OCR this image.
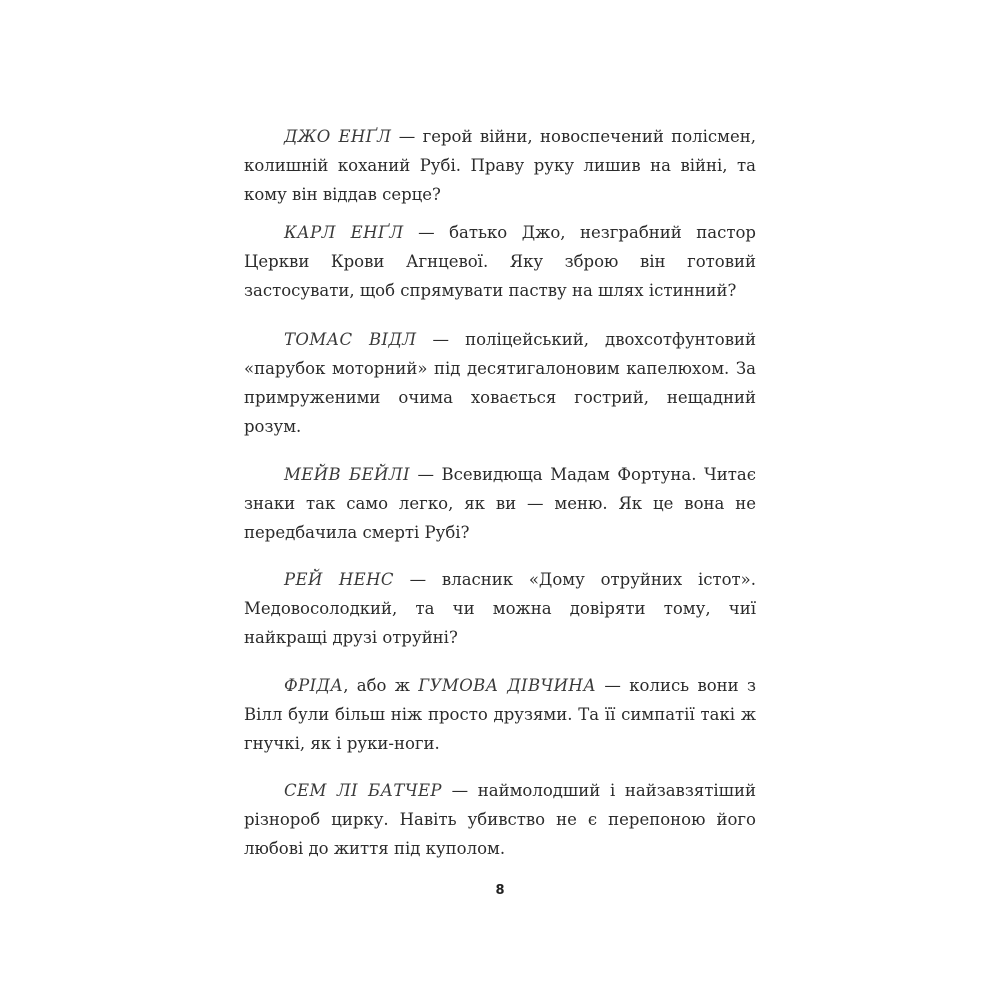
ДЖО ЕНҐЛ — герой війни, новоспечений полісмен, колишній коханий Рубі. Праву руку лишив на війні, та кому він віддав серце?

КАРЛ ЕНҐЛ — батько Джо, незграбний пастор Церкви Крови Агнцевої. Яку зброю він готовий застосувати, щоб спрямувати паству на шлях істинний?

ТОМАС ВІДЛ — поліцейський, двохсотфунтовий «парубок моторний» під десятигалоновим капелюхом. За примруженими очима ховається гострий, нещадний розум.

МЕЙВ БЕЙЛІ — Всевидюща Мадам Фортуна. Читає знаки так само легко, як ви — меню. Як це вона не передбачила смерті Рубі?

РЕЙ НЕНС — власник «Дому отруйних істот». Медовосолодкий, та чи можна довіряти тому, чиї найкращі друзі отруйні?

ФРІДА, або ж ГУМОВА ДІВЧИНА — колись вони з Вілл були більш ніж просто друзями. Та її симпатії такі ж гнучкі, як і руки-ноги.

СЕМ ЛІ БАТЧЕР — наймолодший і найзавзятіший різнороб цирку. Навіть убивство не є перепоною його любові до життя під куполом.

8
